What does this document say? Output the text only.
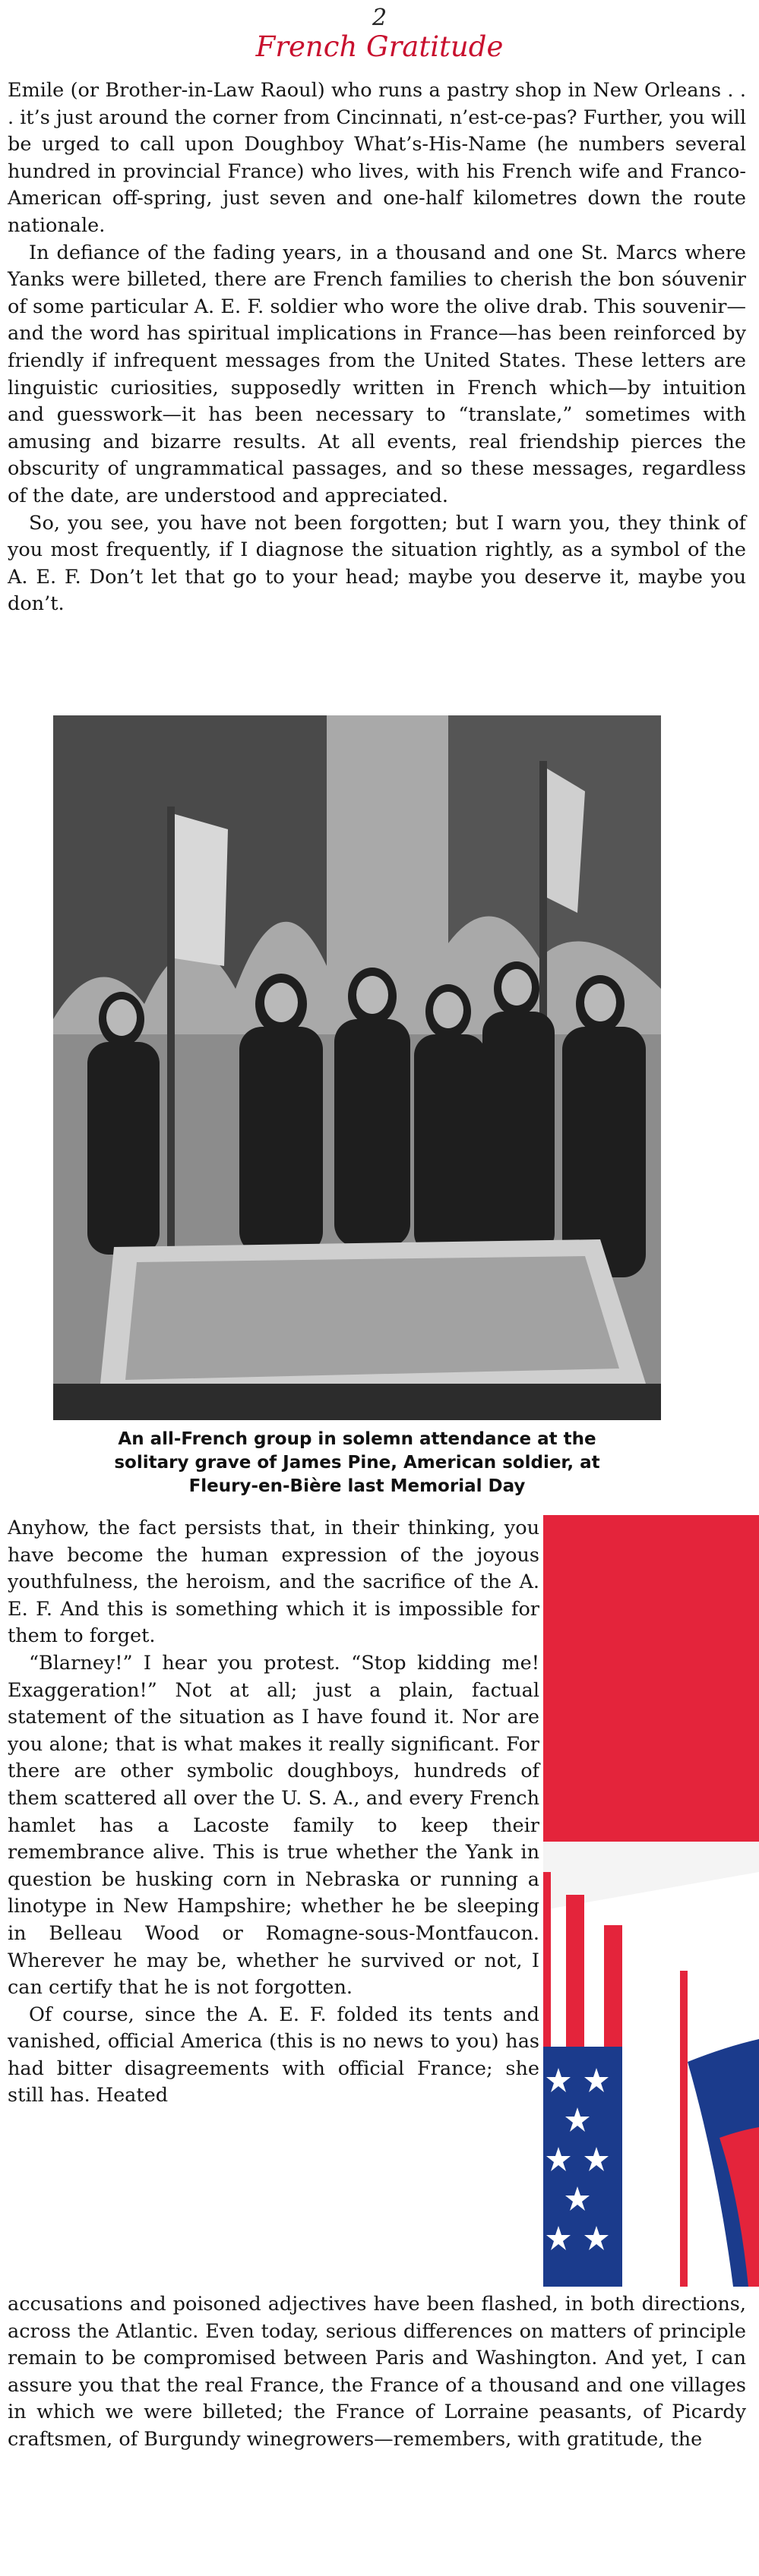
2
French Gratitude

Emile (or Brother-in-Law Raoul) who runs a pastry shop in New Orleans . . . it’s just around the corner from Cincinnati, n’est-ce-pas? Further, you will be urged to call upon Doughboy What’s-His-Name (he numbers several hundred in provincial France) who lives, with his French wife and Franco-American off-spring, just seven and one-half kilometres down the route nationale.

In defiance of the fading years, in a thousand and one St. Marcs where Yanks were billeted, there are French families to cherish the bon sóuvenir of some particular A. E. F. soldier who wore the olive drab. This souvenir—and the word has spiritual implications in France—has been reinforced by friendly if infrequent messages from the United States. These letters are linguistic curiosities, supposedly written in French which—by intuition and guesswork—it has been necessary to “translate,” sometimes with amusing and bizarre results. At all events, real friendship pierces the obscurity of ungrammatical passages, and so these messages, regardless of the date, are understood and appreciated.

So, you see, you have not been forgotten; but I warn you, they think of you most frequently, if I diagnose the situation rightly, as a symbol of the A. E. F. Don’t let that go to your head; maybe you deserve it, maybe you don’t.

An all-French group in solemn attendance at the
solitary grave of James Pine, American soldier, at
Fleury-en-Bière last Memorial Day

Anyhow, the fact persists that, in their thinking, you have become the human expression of the joyous youthfulness, the heroism, and the sacrifice of the A. E. F. And this is something which it is impossible for them to forget.

“Blarney!” I hear you protest. “Stop kidding me! Exaggeration!” Not at all; just a plain, factual statement of the situation as I have found it. Nor are you alone; that is what makes it really significant. For there are other symbolic doughboys, hundreds of them scattered all over the U. S. A., and every French hamlet has a Lacoste family to keep their remembrance alive. This is true whether the Yank in question be husking corn in Nebraska or running a linotype in New Hampshire; whether he be sleeping in Belleau Wood or Romagne-sous-Montfaucon. Wherever he may be, whether he survived or not, I can certify that he is not forgotten.

Of course, since the A. E. F. folded its tents and vanished, official America (this is no news to you) has had bitter disagreements with official France; she still has. Heated

accusations and poisoned adjectives have been flashed, in both directions, across the Atlantic. Even today, serious differences on matters of principle remain to be compromised between Paris and Washington. And yet, I can assure you that the real France, the France of a thousand and one villages in which we were billeted; the France of Lorraine peasants, of Picardy craftsmen, of Burgundy winegrowers—remembers, with gratitude, the
